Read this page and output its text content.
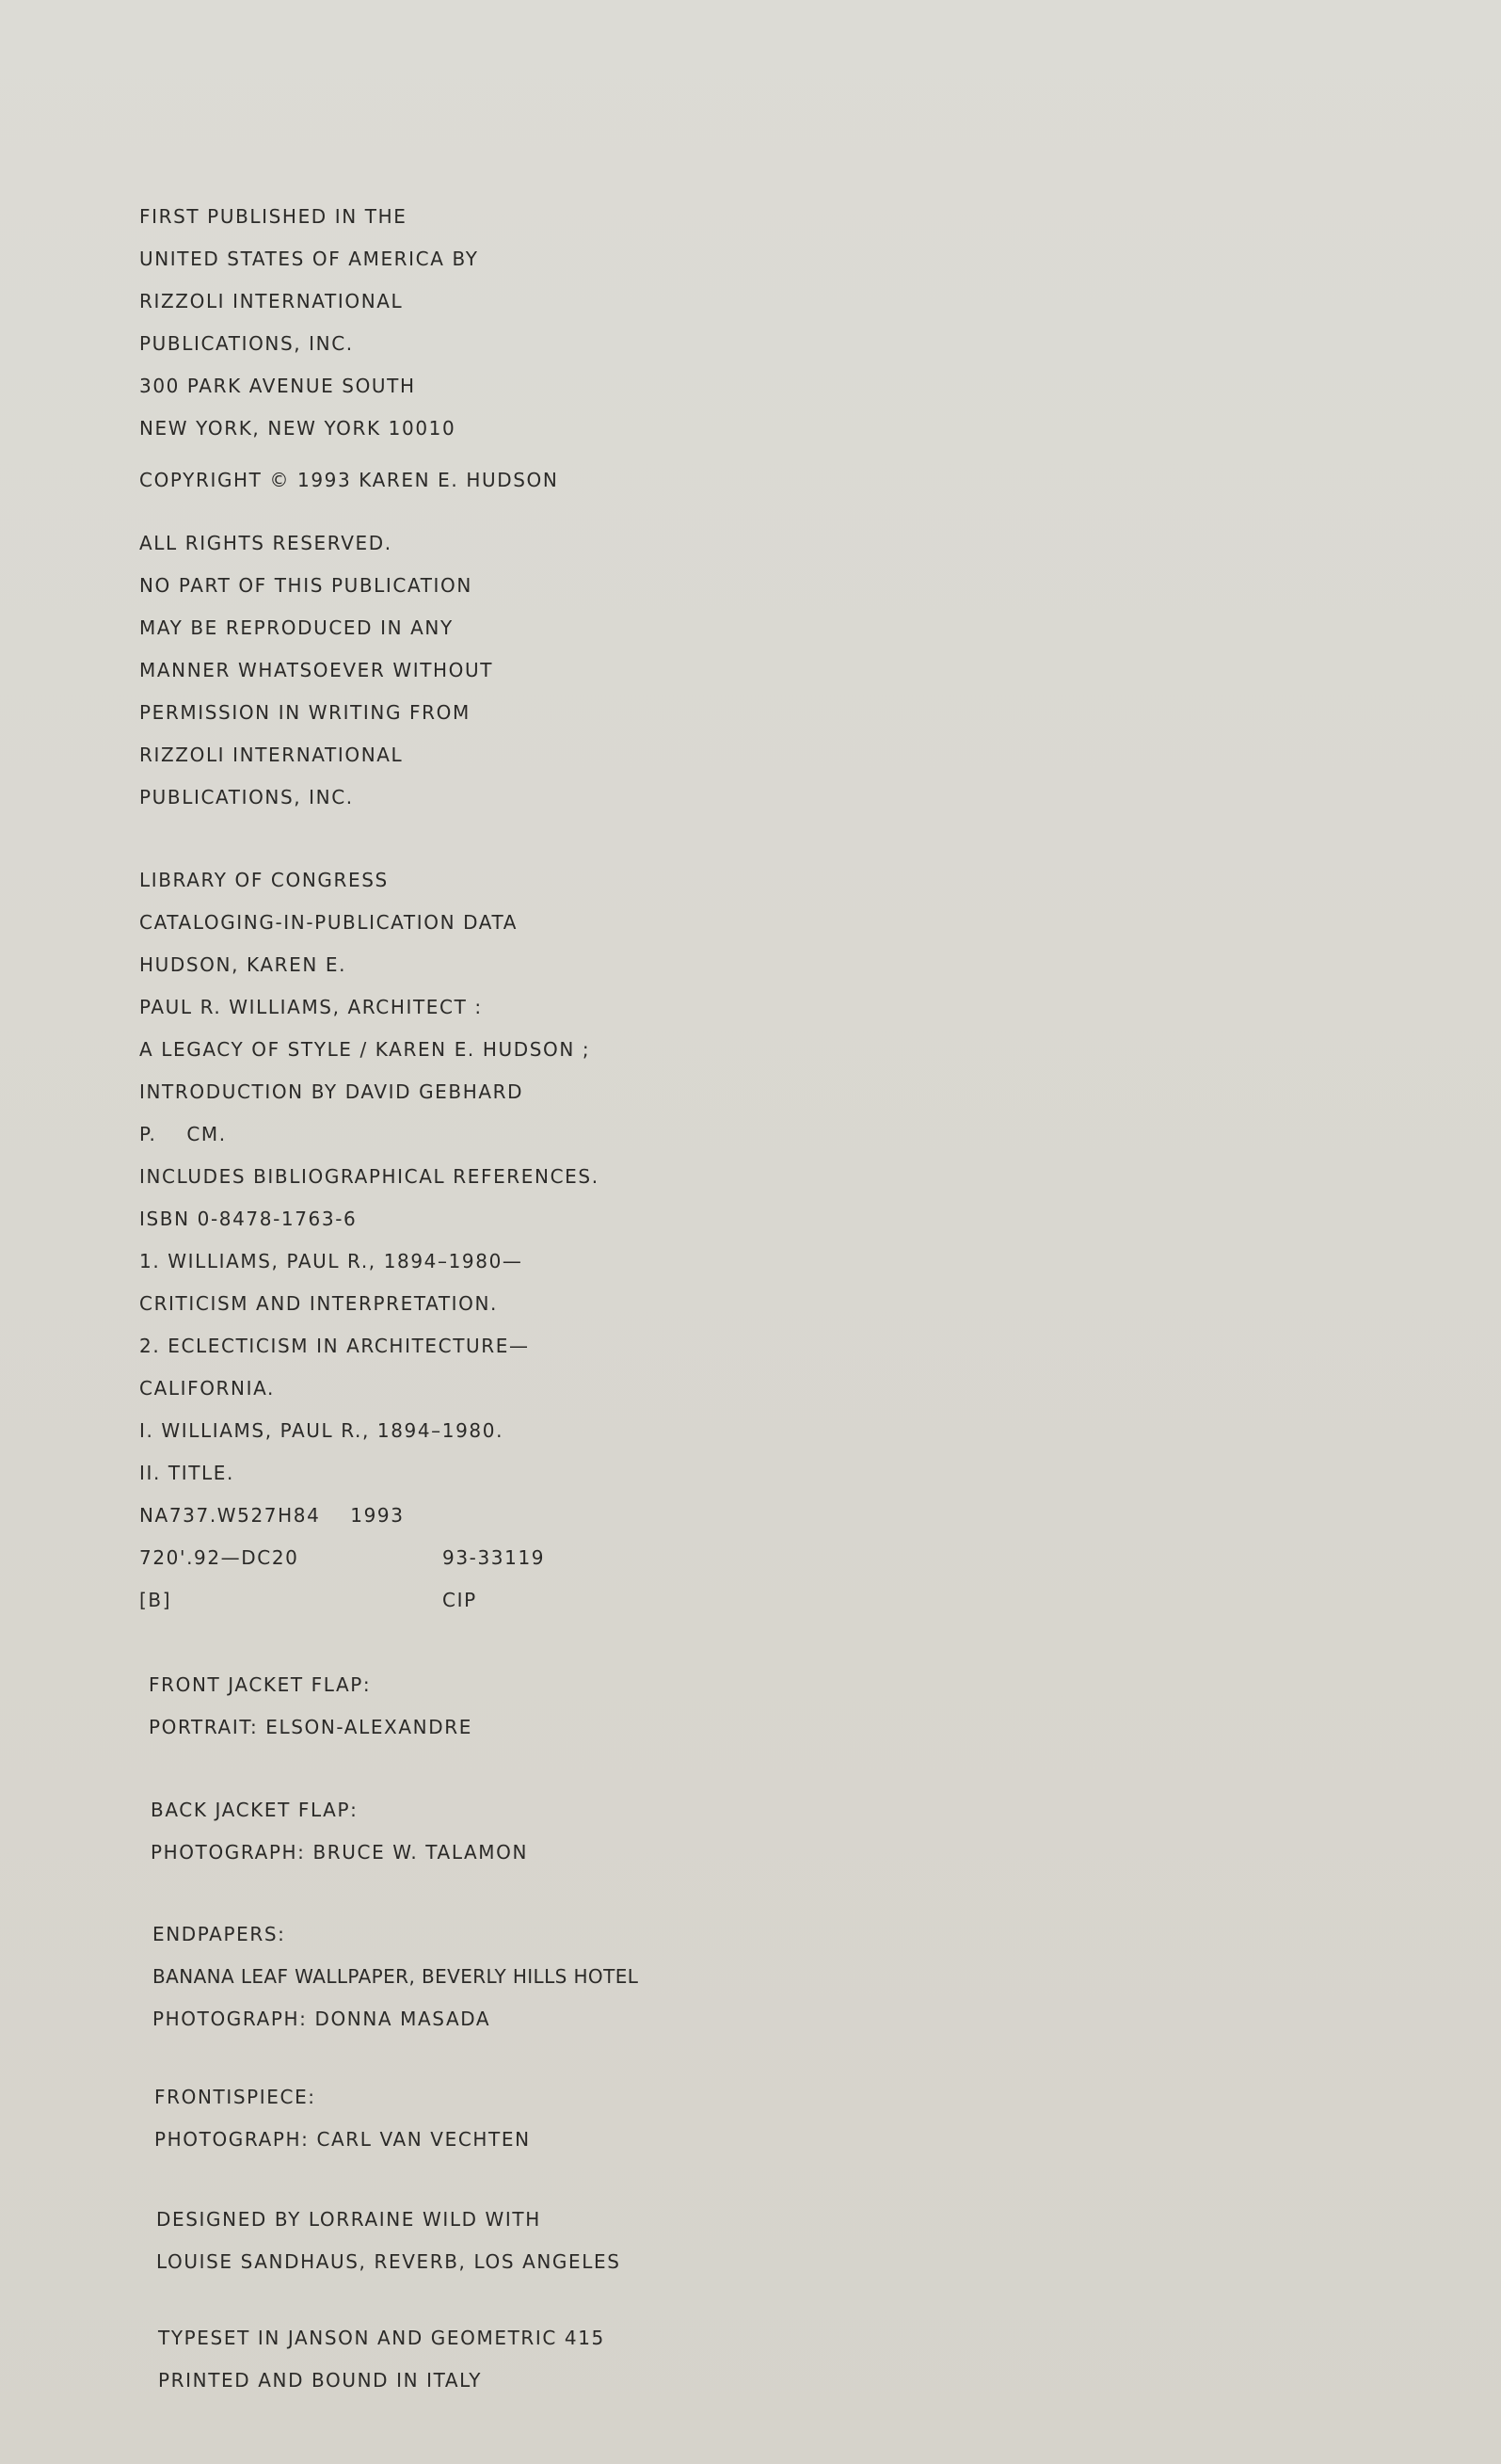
FIRST PUBLISHED IN THE
UNITED STATES OF AMERICA BY
RIZZOLI INTERNATIONAL
PUBLICATIONS, INC.
300 PARK AVENUE SOUTH
NEW YORK, NEW YORK 10010
COPYRIGHT © 1993 KAREN E. HUDSON
ALL RIGHTS RESERVED.
NO PART OF THIS PUBLICATION
MAY BE REPRODUCED IN ANY
MANNER WHATSOEVER WITHOUT
PERMISSION IN WRITING FROM
RIZZOLI INTERNATIONAL
PUBLICATIONS, INC.
LIBRARY OF CONGRESS
CATALOGING-IN-PUBLICATION DATA
HUDSON, KAREN E.
PAUL R. WILLIAMS, ARCHITECT :
A LEGACY OF STYLE / KAREN E. HUDSON ;
INTRODUCTION BY DAVID GEBHARD
P.    CM.
INCLUDES BIBLIOGRAPHICAL REFERENCES.
ISBN 0-8478-1763-6
1. WILLIAMS, PAUL R., 1894–1980—
CRITICISM AND INTERPRETATION.
2. ECLECTICISM IN ARCHITECTURE—
CALIFORNIA.
I. WILLIAMS, PAUL R., 1894–1980.
II. TITLE.
NA737.W527H84    1993
720'.92—DC20	93-33119
[B]	CIP
FRONT JACKET FLAP:
PORTRAIT: ELSON-ALEXANDRE
BACK JACKET FLAP:
PHOTOGRAPH: BRUCE W. TALAMON
ENDPAPERS:
BANANA LEAF WALLPAPER, BEVERLY HILLS HOTEL
PHOTOGRAPH: DONNA MASADA
FRONTISPIECE:
PHOTOGRAPH: CARL VAN VECHTEN
DESIGNED BY LORRAINE WILD WITH
LOUISE SANDHAUS, REVERB, LOS ANGELES
TYPESET IN JANSON AND GEOMETRIC 415
PRINTED AND BOUND IN ITALY
